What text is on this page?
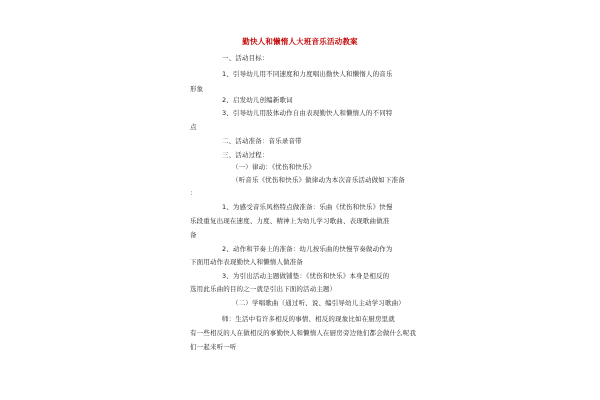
勤快人和懒惰人大班音乐活动教案
一、活动目标：
1、引导幼儿用不同速度和力度唱出勤快人和懒惰人的音乐
形象
2、启发幼儿创编新歌词
3、引导幼儿用肢体动作自由表现勤快人和懒惰人的不同特
点
二、活动准备：音乐录音带
三、活动过程：
（一）律动：《忧伤和快乐》
（听音乐《忧伤和快乐》做律动为本次音乐活动做如下准备
：
1、为感受音乐风格特点做准备：乐曲《忧伤和快乐》快慢
乐段重复出现在速度、力度、精神上为幼儿学习歌曲、表现歌曲做准
备
2、动作和节奏上的准备：幼儿按乐曲的快慢节奏做动作为
下面用动作表现勤快人和懒惰人做准备
3、为引出活动主题做铺垫：《忧伤和快乐》本身是相反的
选用此乐曲的目的之一就是引出下面的活动主题）
（二）学唱歌曲（通过听、说、编引导幼儿主动学习歌曲）
师：生活中有许多相反的事情、相反的现象比如在厨房里就
有一些相反的人在做相反的事勤快人和懒惰人在厨房旁边他们都会做什么呢我
们一起来听一听
